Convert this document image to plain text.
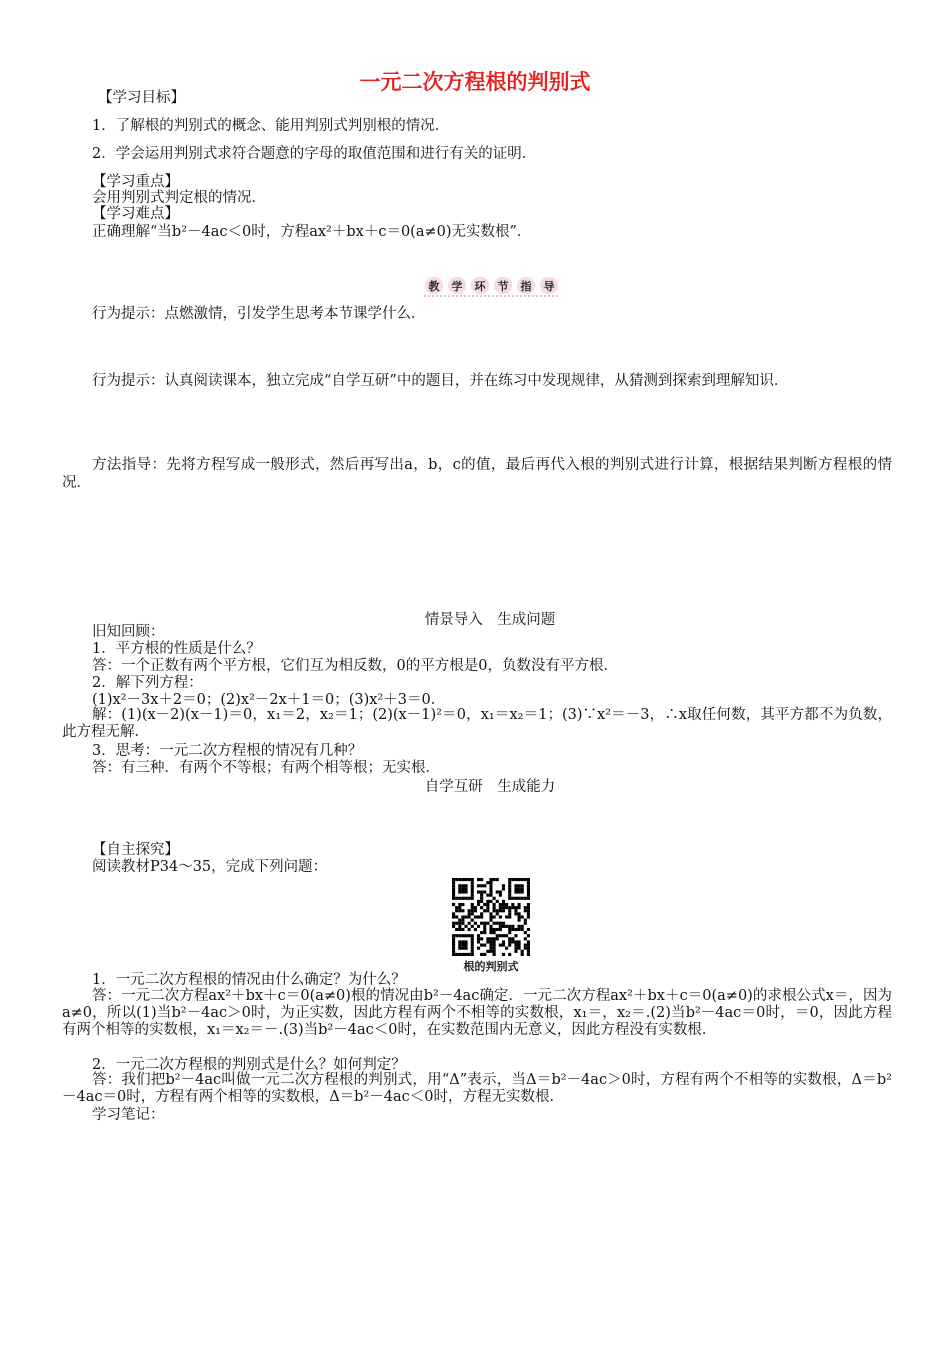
一元二次方程根的判别式
【学习目标】
1．了解根的判别式的概念、能用判别式判别根的情况．
2．学会运用判别式求符合题意的字母的取值范围和进行有关的证明．
【学习重点】
会用判别式判定根的情况．
【学习难点】
正确理解“当b²－4ac＜0时，方程ax²＋bx＋c＝0(a≠0)无实数根”．
教 学 环 节 指 导
行为提示：点燃激情，引发学生思考本节课学什么．
行为提示：认真阅读课本，独立完成“自学互研”中的题目，并在练习中发现规律，从猜测到探索到理解知识．
方法指导：先将方程写成一般形式，然后再写出a，b，c的值，最后再代入根的判别式进行计算，根据结果判断方程根的情况．
情景导入　生成问题
旧知回顾：
1．平方根的性质是什么？
答：一个正数有两个平方根，它们互为相反数，0的平方根是0，负数没有平方根．
2．解下列方程：
(1)x²－3x＋2＝0；(2)x²－2x＋1＝0；(3)x²＋3＝0．
解：(1)(x－2)(x－1)＝0，x₁＝2，x₂＝1；(2)(x－1)²＝0，x₁＝x₂＝1；(3)∵x²＝－3，∴x取任何数，其平方都不为负数，此方程无解．
3．思考：一元二次方程根的情况有几种？
答：有三种．有两个不等根；有两个相等根；无实根．
自学互研　生成能力
【自主探究】
阅读教材P34～35，完成下列问题：
根的判别式
1．一元二次方程根的情况由什么确定？为什么？
答：一元二次方程ax²＋bx＋c＝0(a≠0)根的情况由b²－4ac确定．一元二次方程ax²＋bx＋c＝0(a≠0)的求根公式x＝，因为a≠0，所以(1)当b²－4ac＞0时，为正实数，因此方程有两个不相等的实数根，x₁＝，x₂＝.(2)当b²－4ac＝0时，＝0，因此方程有两个相等的实数根，x₁＝x₂＝－.(3)当b²－4ac＜0时，在实数范围内无意义，因此方程没有实数根．
2．一元二次方程根的判别式是什么？如何判定？
答：我们把b²－4ac叫做一元二次方程根的判别式，用“Δ”表示，当Δ＝b²－4ac＞0时，方程有两个不相等的实数根，Δ＝b²－4ac＝0时，方程有两个相等的实数根，Δ＝b²－4ac＜0时，方程无实数根．
学习笔记：
